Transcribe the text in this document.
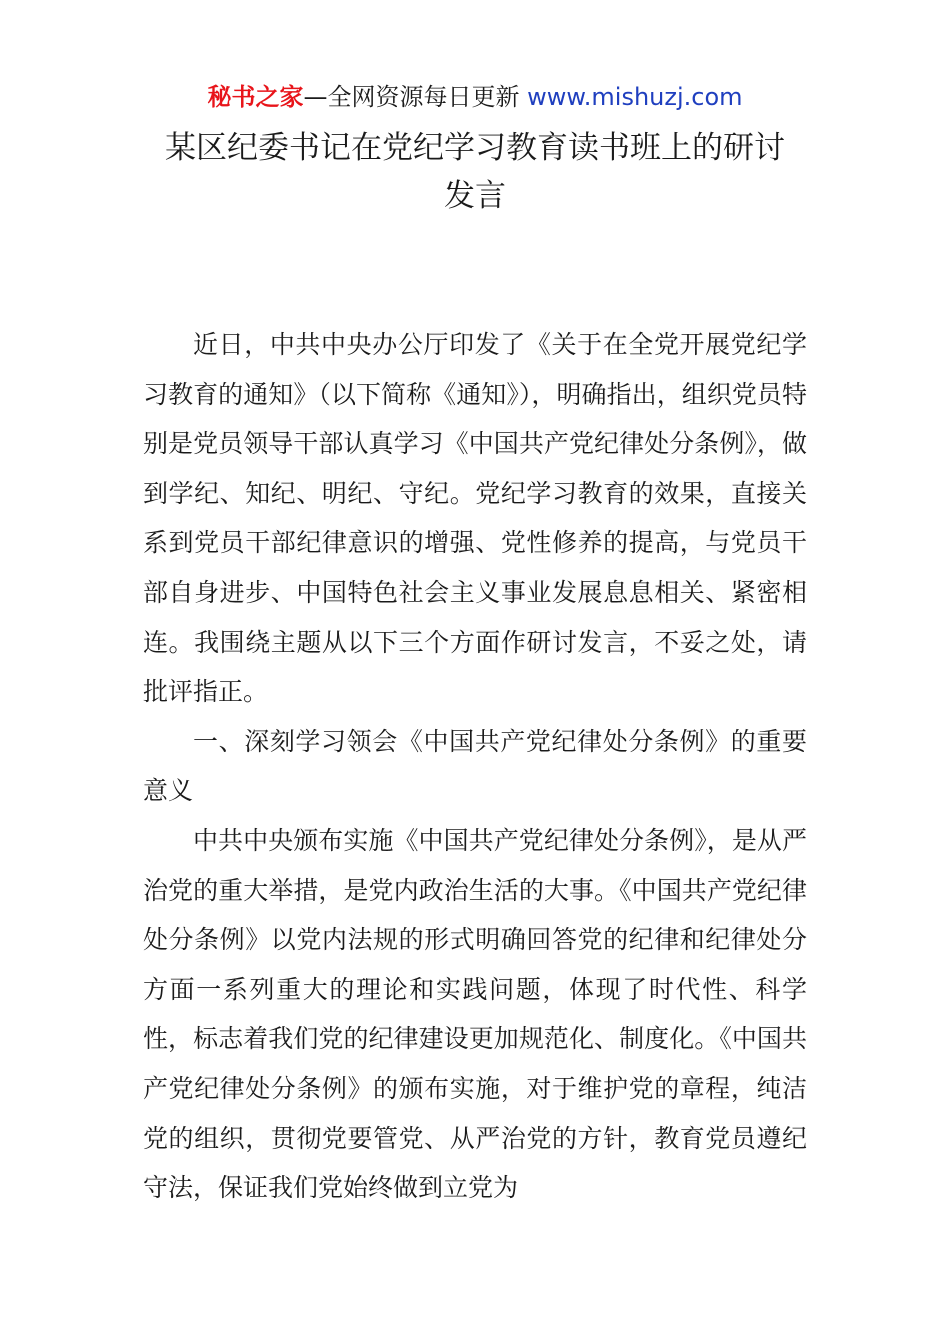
秘书之家—全网资源每日更新 www.mishuzj.com
某区纪委书记在党纪学习教育读书班上的研讨
发言

近日，中共中央办公厅印发了《关于在全党开展党纪学习教育的通知》（以下简称《通知》），明确指出，组织党员特别是党员领导干部认真学习《中国共产党纪律处分条例》，做到学纪、知纪、明纪、守纪。党纪学习教育的效果，直接关系到党员干部纪律意识的增强、党性修养的提高，与党员干部自身进步、中国特色社会主义事业发展息息相关、紧密相连。我围绕主题从以下三个方面作研讨发言，不妥之处，请批评指正。

一、深刻学习领会《中国共产党纪律处分条例》的重要意义

中共中央颁布实施《中国共产党纪律处分条例》，是从严治党的重大举措，是党内政治生活的大事。《中国共产党纪律处分条例》以党内法规的形式明确回答党的纪律和纪律处分方面一系列重大的理论和实践问题，体现了时代性、科学性，标志着我们党的纪律建设更加规范化、制度化。《中国共产党纪律处分条例》的颁布实施，对于维护党的章程，纯洁党的组织，贯彻党要管党、从严治党的方针，教育党员遵纪守法，保证我们党始终做到立党为
